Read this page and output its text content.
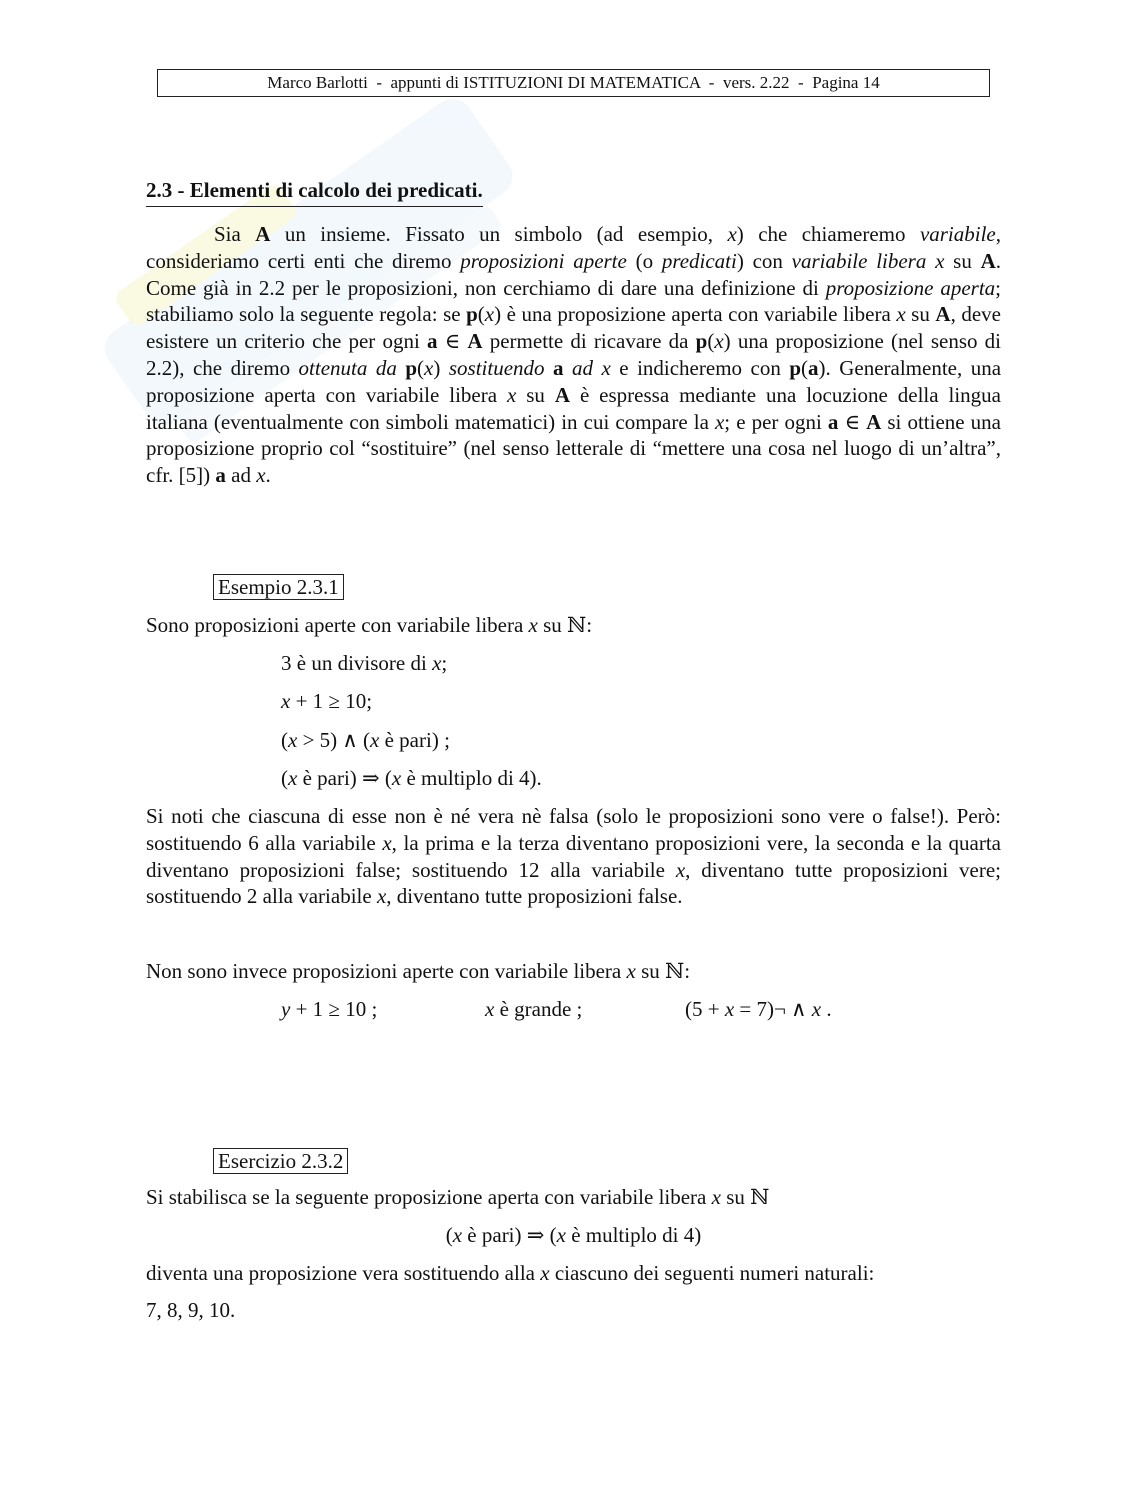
Marco Barlotti - appunti di ISTITUZIONI DI MATEMATICA - vers. 2.22 - Pagina 14
2.3 - Elementi di calcolo dei predicati.
Sia A un insieme. Fissato un simbolo (ad esempio, x) che chiameremo variabile, consideriamo certi enti che diremo proposizioni aperte (o predicati) con variabile libera x su A. Come già in 2.2 per le proposizioni, non cerchiamo di dare una definizione di proposizione aperta; stabiliamo solo la seguente regola: se p(x) è una proposizione aperta con variabile libera x su A, deve esistere un criterio che per ogni a ∈ A permette di ricavare da p(x) una proposizione (nel senso di 2.2), che diremo ottenuta da p(x) sostituendo a ad x e indicheremo con p(a). Generalmente, una proposizione aperta con variabile libera x su A è espressa mediante una locuzione della lingua italiana (eventualmente con simboli matematici) in cui compare la x; e per ogni a ∈ A si ottiene una proposizione proprio col “sostituire” (nel senso letterale di “mettere una cosa nel luogo di un’altra”, cfr. [5]) a ad x.
Esempio 2.3.1
Sono proposizioni aperte con variabile libera x su ℕ:
3 è un divisore di x;
x + 1 ≥ 10;
(x > 5) ∧ (x è pari) ;
(x è pari) ⇒ (x è multiplo di 4).
Si noti che ciascuna di esse non è né vera nè falsa (solo le proposizioni sono vere o false!). Però: sostituendo 6 alla variabile x, la prima e la terza diventano proposizioni vere, la seconda e la quarta diventano proposizioni false; sostituendo 12 alla variabile x, diventano tutte proposizioni vere; sostituendo 2 alla variabile x, diventano tutte proposizioni false.
Non sono invece proposizioni aperte con variabile libera x su ℕ:
y + 1 ≥ 10 ;	x è grande ;	(5 + x = 7)¬ ∧ x .
Esercizio 2.3.2
Si stabilisca se la seguente proposizione aperta con variabile libera x su ℕ
(x è pari) ⇒ (x è multiplo di 4)
diventa una proposizione vera sostituendo alla x ciascuno dei seguenti numeri naturali:
7, 8, 9, 10.
